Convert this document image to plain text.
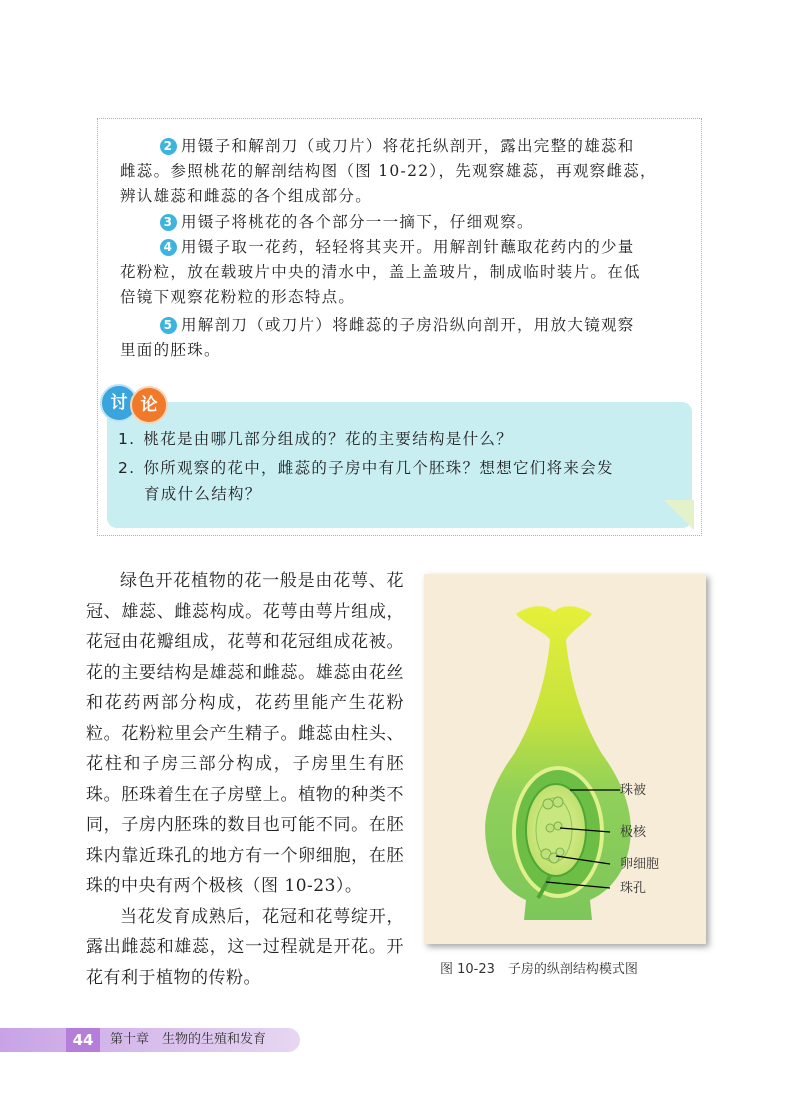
2 用镊子和解剖刀（或刀片）将花托纵剖开，露出完整的雄蕊和
雌蕊。参照桃花的解剖结构图（图 10-22），先观察雄蕊，再观察雌蕊，
辨认雄蕊和雌蕊的各个组成部分。
3 用镊子将桃花的各个部分一一摘下，仔细观察。
4 用镊子取一花药，轻轻将其夹开。用解剖针蘸取花药内的少量
花粉粒，放在载玻片中央的清水中，盖上盖玻片，制成临时装片。在低
倍镜下观察花粉粒的形态特点。
5 用解剖刀（或刀片）将雌蕊的子房沿纵向剖开，用放大镜观察
里面的胚珠。
讨 论
1. 桃花是由哪几部分组成的？花的主要结构是什么？
2. 你所观察的花中，雌蕊的子房中有几个胚珠？想想它们将来会发
育成什么结构？

绿色开花植物的花一般是由花萼、花冠、雄蕊、雌蕊构成。花萼由萼片组成，花冠由花瓣组成，花萼和花冠组成花被。花的主要结构是雄蕊和雌蕊。雄蕊由花丝和花药两部分构成，花药里能产生花粉粒。花粉粒里会产生精子。雌蕊由柱头、花柱和子房三部分构成，子房里生有胚珠。胚珠着生在子房壁上。植物的种类不同，子房内胚珠的数目也可能不同。在胚珠内靠近珠孔的地方有一个卵细胞，在胚珠的中央有两个极核（图 10-23）。

当花发育成熟后，花冠和花萼绽开，露出雌蕊和雄蕊，这一过程就是开花。开花有利于植物的传粉。

珠被
极核
卵细胞
珠孔
图 10-23　子房的纵剖结构模式图
44	第十章　生物的生殖和发育
